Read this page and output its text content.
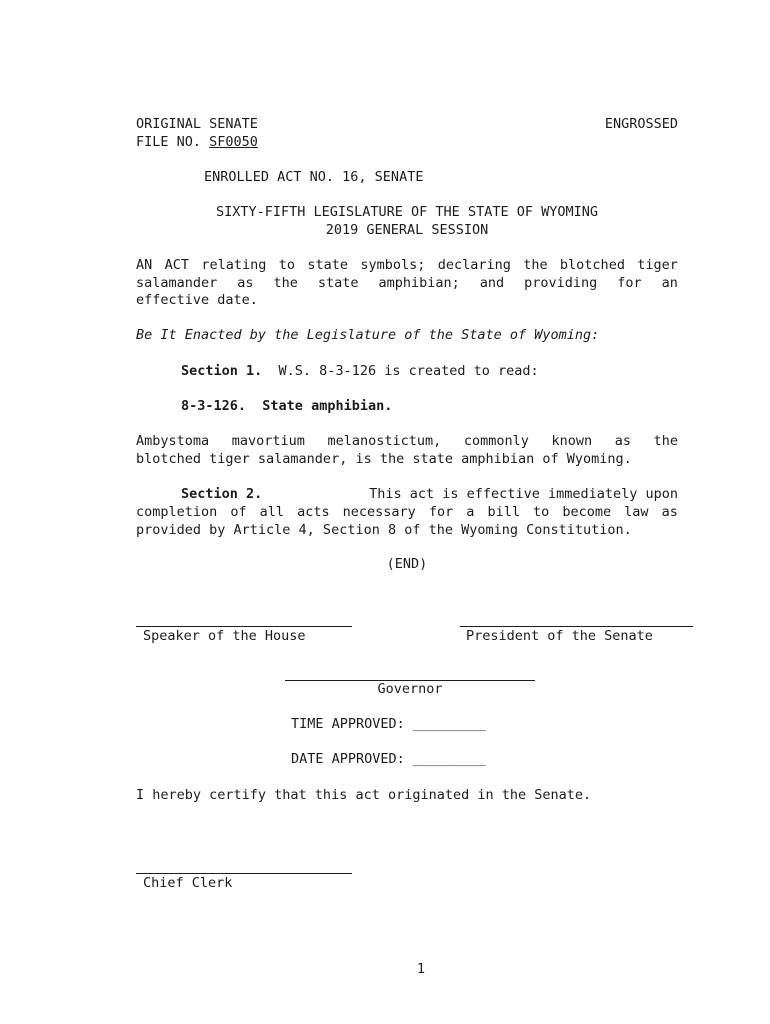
ORIGINAL SENATE
FILE NO. SF0050
ENGROSSED
ENROLLED ACT NO. 16, SENATE
SIXTY-FIFTH LEGISLATURE OF THE STATE OF WYOMING
2019 GENERAL SESSION
AN ACT relating to state symbols; declaring the blotched tiger
salamander as the state amphibian; and providing for an
effective date.
Be It Enacted by the Legislature of the State of Wyoming:
Section 1. W.S. 8-3-126 is created to read:
8-3-126. State amphibian.
Ambystoma mavortium melanostictum, commonly known as the
blotched tiger salamander, is the state amphibian of Wyoming.
Section 2.	This act is effective immediately upon
completion of all acts necessary for a bill to become law as
provided by Article 4, Section 8 of the Wyoming Constitution.
(END)
Speaker of the House	President of the Senate
Governor
TIME APPROVED: _________
DATE APPROVED: _________
I hereby certify that this act originated in the Senate.
Chief Clerk
1
